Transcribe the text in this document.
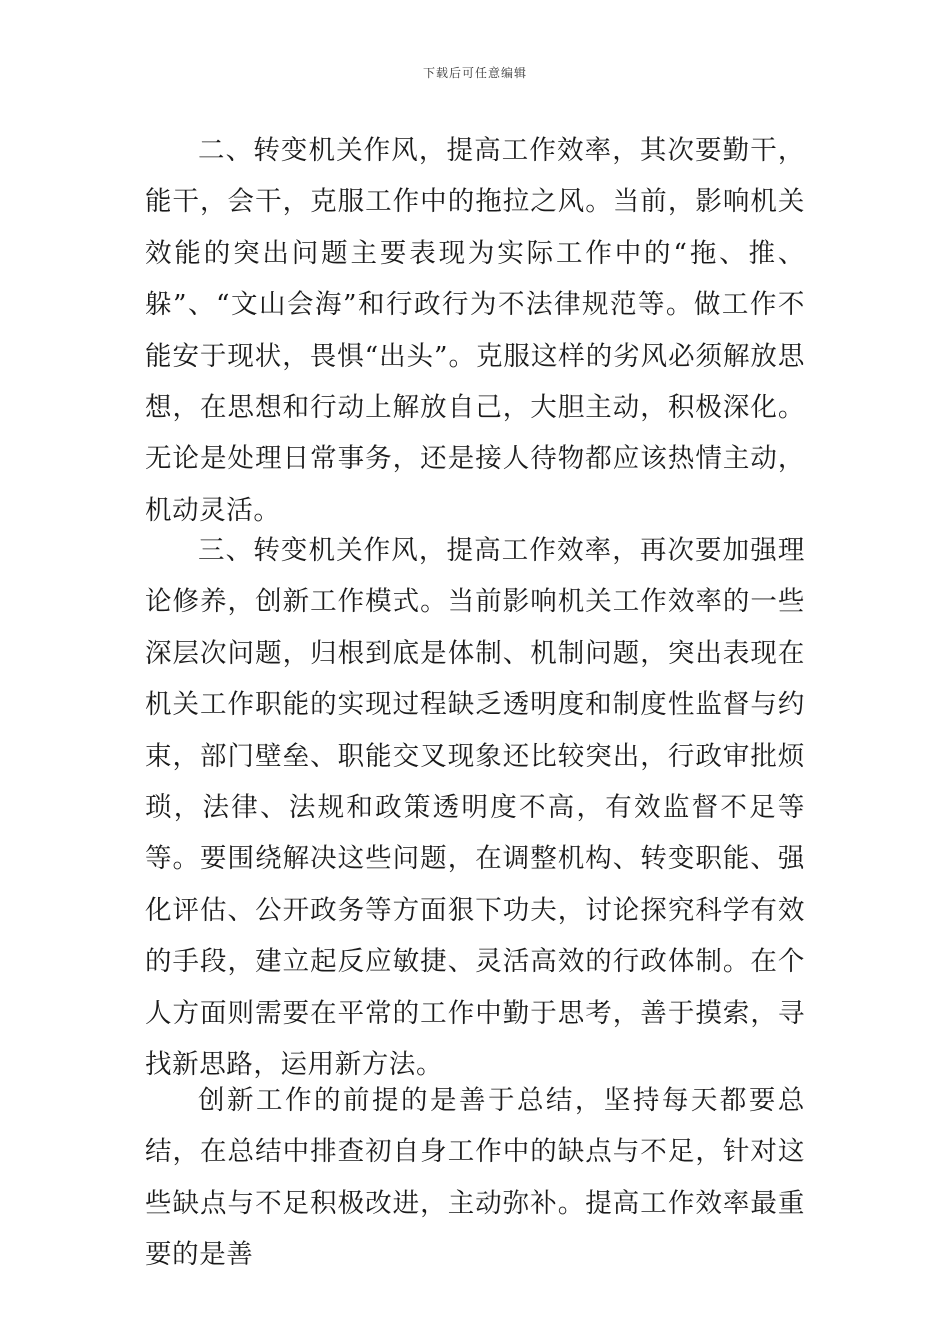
下载后可任意编辑

二、转变机关作风，提高工作效率，其次要勤干，能干，会干，克服工作中的拖拉之风。当前，影响机关效能的突出问题主要表现为实际工作中的“拖、推、躲”、“文山会海”和行政行为不法律规范等。做工作不能安于现状，畏惧“出头”。克服这样的劣风必须解放思想，在思想和行动上解放自己，大胆主动，积极深化。无论是处理日常事务，还是接人待物都应该热情主动，机动灵活。

三、转变机关作风，提高工作效率，再次要加强理论修养，创新工作模式。当前影响机关工作效率的一些深层次问题，归根到底是体制、机制问题，突出表现在机关工作职能的实现过程缺乏透明度和制度性监督与约束，部门壁垒、职能交叉现象还比较突出，行政审批烦琐，法律、法规和政策透明度不高，有效监督不足等等。要围绕解决这些问题，在调整机构、转变职能、强化评估、公开政务等方面狠下功夫，讨论探究科学有效的手段，建立起反应敏捷、灵活高效的行政体制。在个人方面则需要在平常的工作中勤于思考，善于摸索，寻找新思路，运用新方法。

创新工作的前提的是善于总结，坚持每天都要总结，在总结中排查初自身工作中的缺点与不足，针对这些缺点与不足积极改进，主动弥补。提高工作效率最重要的是善
